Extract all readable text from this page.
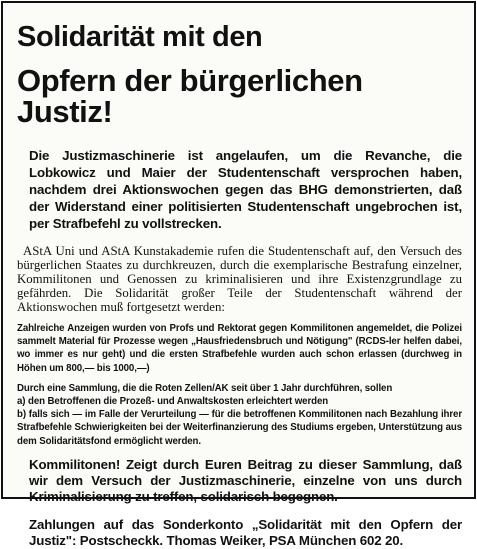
Solidarität mit den
Opfern der bürgerlichen Justiz!

Die Justizmaschinerie ist angelaufen, um die Revanche, die Lobkowicz und Maier der Studentenschaft versprochen haben, nachdem drei Aktionswochen gegen das BHG demonstrierten, daß der Widerstand einer politisierten Studentenschaft ungebrochen ist, per Strafbefehl zu vollstrecken.

AStA Uni und AStA Kunstakademie rufen die Studentenschaft auf, den Versuch des bürgerlichen Staates zu durchkreuzen, durch die exemplarische Bestrafung einzelner, Kommilitonen und Genossen zu kriminalisieren und ihre Existenzgrundlage zu gefährden. Die Solidarität großer Teile der Studentenschaft während der Aktionswochen muß fortgesetzt werden:

Zahlreiche Anzeigen wurden von Profs und Rektorat gegen Kommilitonen angemeldet, die Polizei sammelt Material für Prozesse wegen „Hausfriedensbruch und Nötigung" (RCDS-ler helfen dabei, wo immer es nur geht) und die ersten Strafbefehle wurden auch schon erlassen (durchweg in Höhen um 800,— bis 1000,—)

Durch eine Sammlung, die die Roten Zellen/AK seit über 1 Jahr durchführen, sollen
a) den Betroffenen die Prozeß- und Anwaltskosten erleichtert werden
b) falls sich — im Falle der Verurteilung — für die betroffenen Kommilitonen nach Bezahlung ihrer Strafbefehle Schwierigkeiten bei der Weiterfinanzierung des Studiums ergeben, Unterstützung aus dem Solidaritätsfond ermöglicht werden.

Kommilitonen! Zeigt durch Euren Beitrag zu dieser Sammlung, daß wir dem Versuch der Justizmaschinerie, einzelne von uns durch Kriminalisierung zu treffen, solidarisch begegnen.

Zahlungen auf das Sonderkonto „Solidarität mit den Opfern der Justiz": Postscheckk. Thomas Weiker, PSA München 602 20.
